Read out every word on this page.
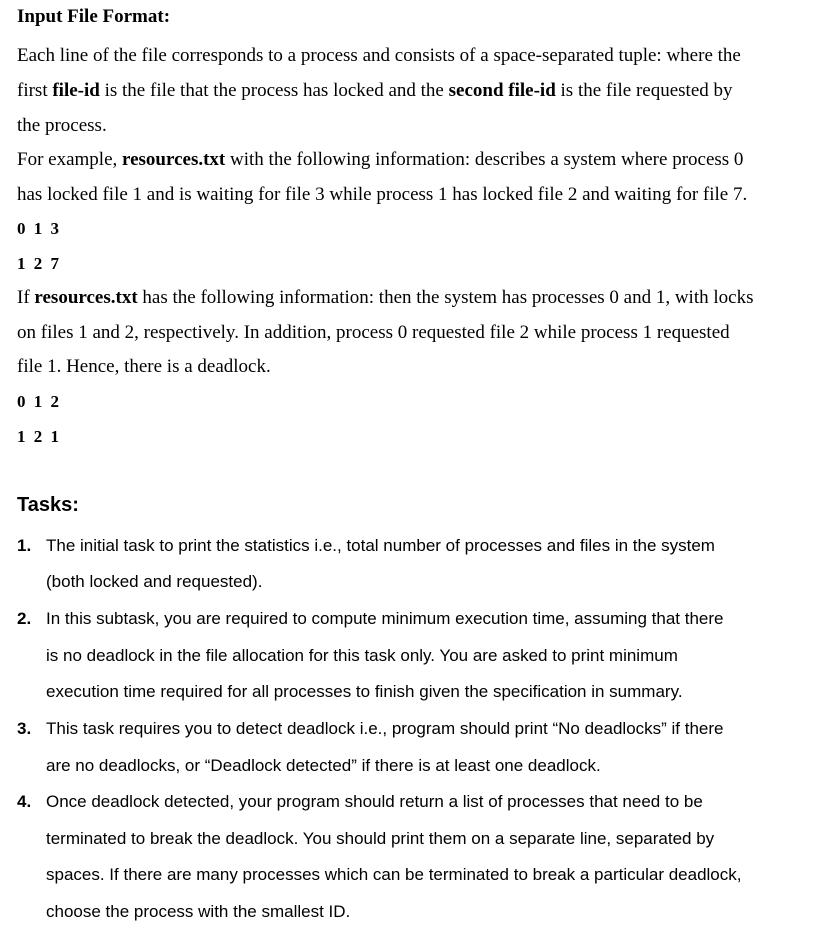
Input File Format:
Each line of the file corresponds to a process and consists of a space-separated tuple: where the
first file-id is the file that the process has locked and the second file-id is the file requested by
the process.
For example, resources.txt with the following information: describes a system where process 0
has locked file 1 and is waiting for file 3 while process 1 has locked file 2 and waiting for file 7.
0 1 3
1 2 7
If resources.txt has the following information: then the system has processes 0 and 1, with locks
on files 1 and 2, respectively. In addition, process 0 requested file 2 while process 1 requested
file 1. Hence, there is a deadlock.
0 1 2
1 2 1
Tasks:
1. The initial task to print the statistics i.e., total number of processes and files in the system
(both locked and requested).
2. In this subtask, you are required to compute minimum execution time, assuming that there
is no deadlock in the file allocation for this task only. You are asked to print minimum
execution time required for all processes to finish given the specification in summary.
3. This task requires you to detect deadlock i.e., program should print “No deadlocks” if there
are no deadlocks, or “Deadlock detected” if there is at least one deadlock.
4. Once deadlock detected, your program should return a list of processes that need to be
terminated to break the deadlock. You should print them on a separate line, separated by
spaces. If there are many processes which can be terminated to break a particular deadlock,
choose the process with the smallest ID.
